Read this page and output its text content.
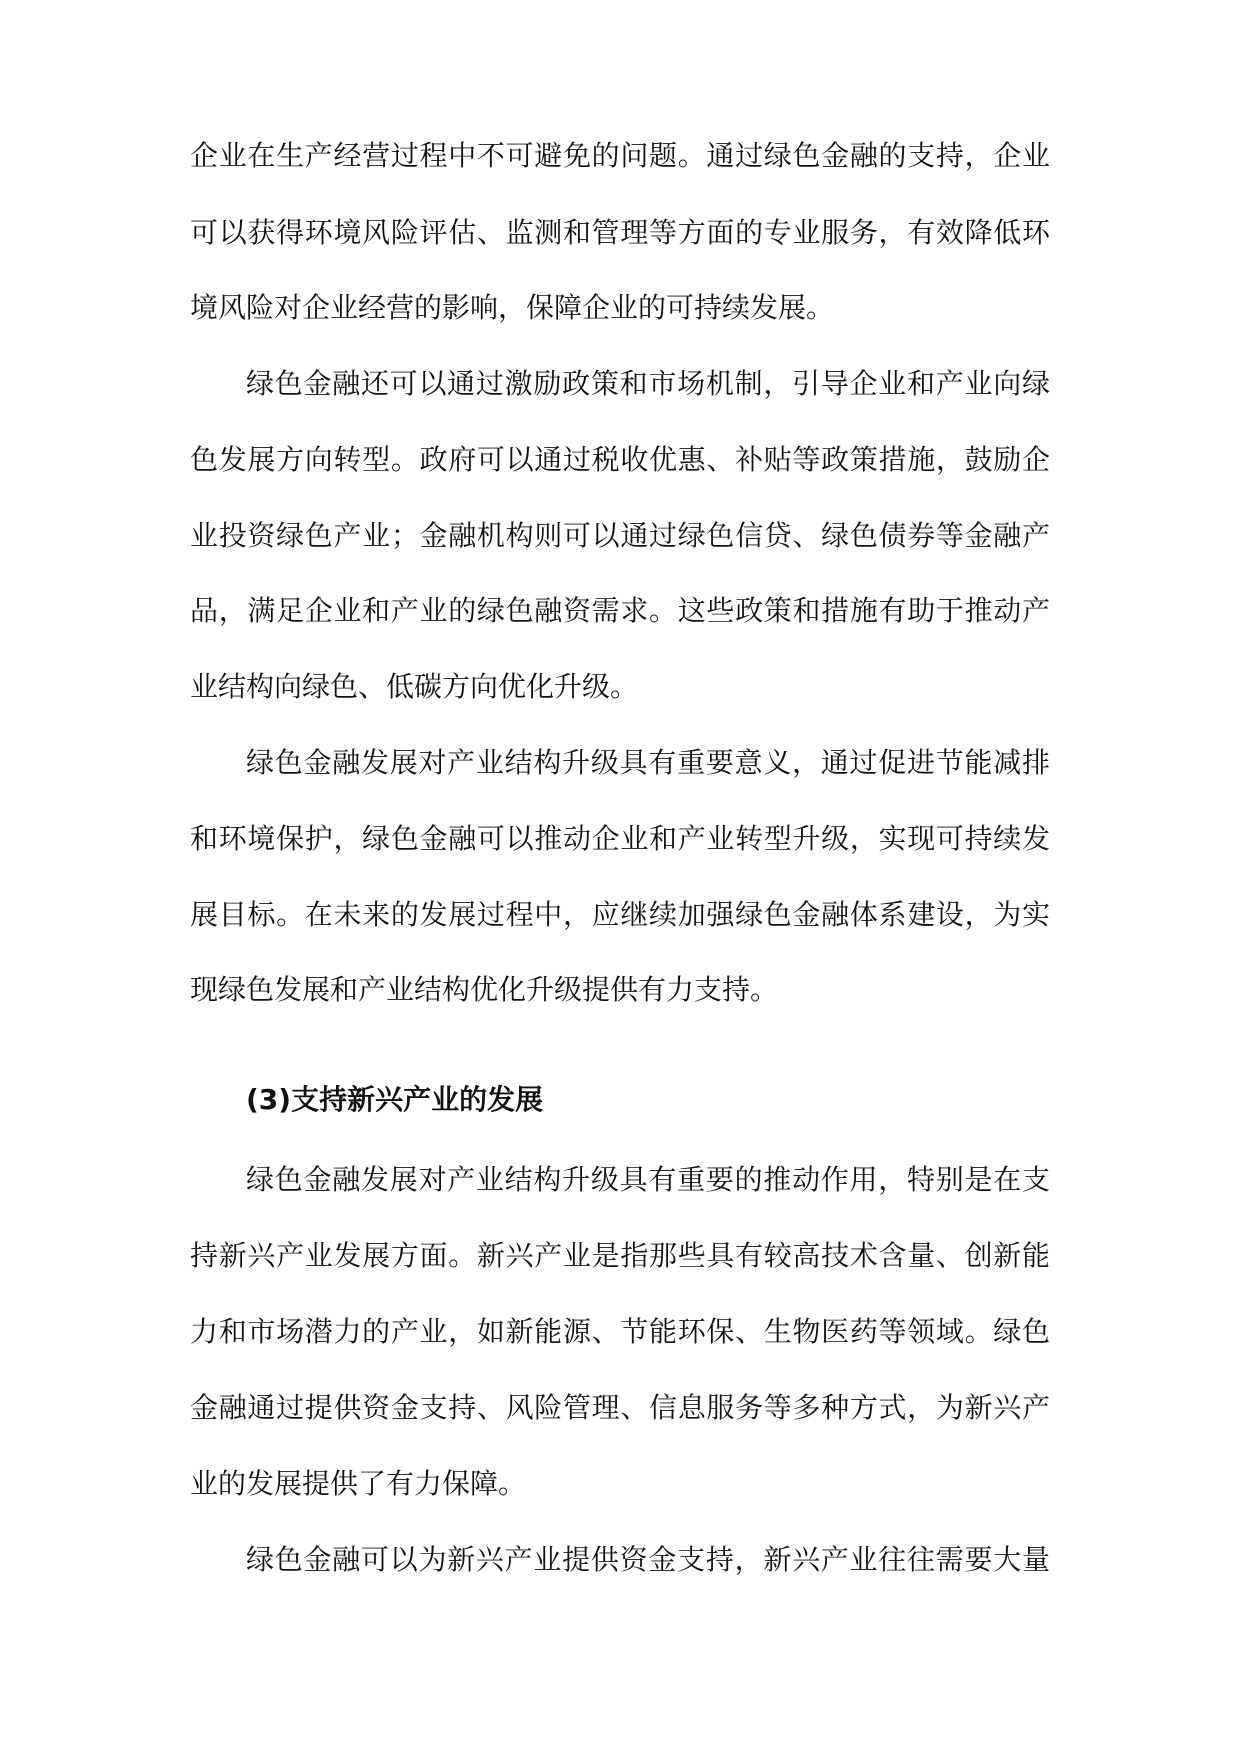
企业在生产经营过程中不可避免的问题。通过绿色金融的支持，企业
可以获得环境风险评估、监测和管理等方面的专业服务，有效降低环
境风险对企业经营的影响，保障企业的可持续发展。
绿色金融还可以通过激励政策和市场机制，引导企业和产业向绿
色发展方向转型。政府可以通过税收优惠、补贴等政策措施，鼓励企
业投资绿色产业；金融机构则可以通过绿色信贷、绿色债券等金融产
品，满足企业和产业的绿色融资需求。这些政策和措施有助于推动产
业结构向绿色、低碳方向优化升级。
绿色金融发展对产业结构升级具有重要意义，通过促进节能减排
和环境保护，绿色金融可以推动企业和产业转型升级，实现可持续发
展目标。在未来的发展过程中，应继续加强绿色金融体系建设，为实
现绿色发展和产业结构优化升级提供有力支持。
(3)支持新兴产业的发展
绿色金融发展对产业结构升级具有重要的推动作用，特别是在支
持新兴产业发展方面。新兴产业是指那些具有较高技术含量、创新能
力和市场潜力的产业，如新能源、节能环保、生物医药等领域。绿色
金融通过提供资金支持、风险管理、信息服务等多种方式，为新兴产
业的发展提供了有力保障。
绿色金融可以为新兴产业提供资金支持，新兴产业往往需要大量
